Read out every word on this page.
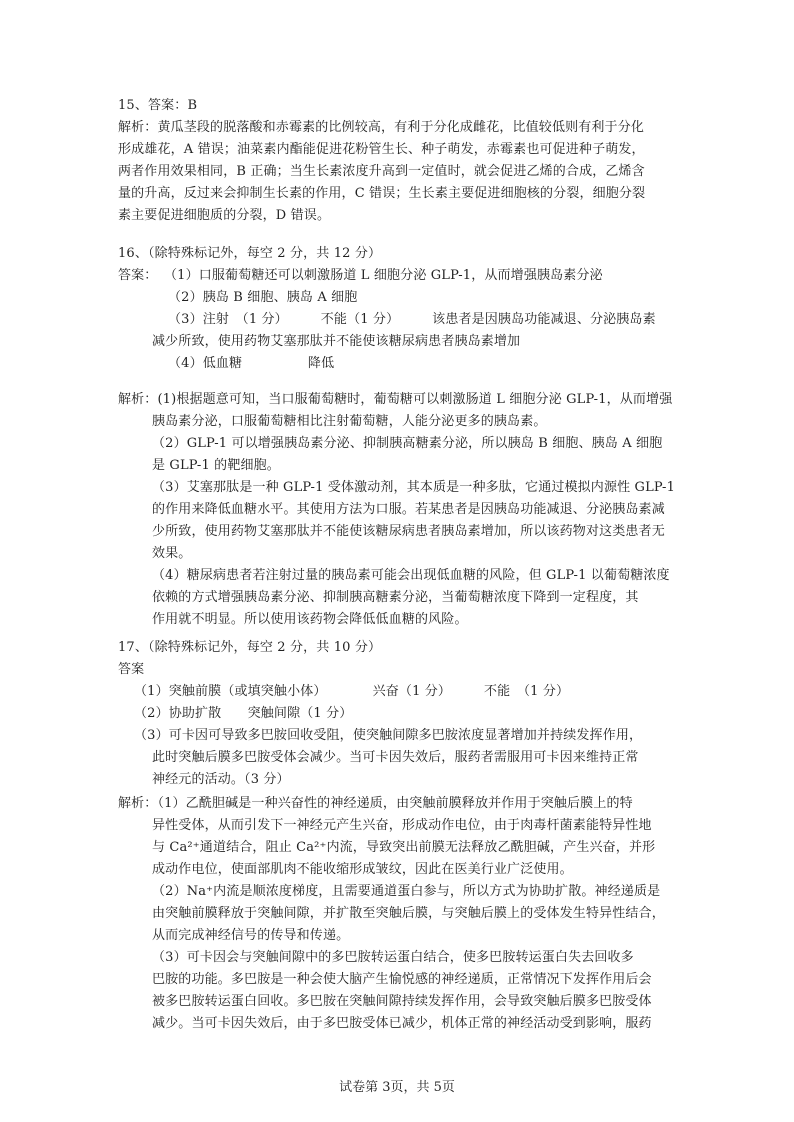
15、答案：B
解析：黄瓜茎段的脱落酸和赤霉素的比例较高，有利于分化成雌花，比值较低则有利于分化
形成雄花，A 错误；油菜素内酯能促进花粉管生长、种子萌发，赤霉素也可促进种子萌发，
两者作用效果相同，B 正确；当生长素浓度升高到一定值时，就会促进乙烯的合成，乙烯含
量的升高，反过来会抑制生长素的作用，C 错误；生长素主要促进细胞核的分裂，细胞分裂
素主要促进细胞质的分裂，D 错误。
16、（除特殊标记外，每空 2 分，共 12 分）
答案： （1）口服葡萄糖还可以刺激肠道 L 细胞分泌 GLP-1，从而增强胰岛素分泌
（2）胰岛 B 细胞、胰岛 A 细胞
（3）注射　（1 分）　　　不能（1 分）　　　该患者是因胰岛功能减退、分泌胰岛素
减少所致，使用药物艾塞那肽并不能使该糖尿病患者胰岛素增加
（4）低血糖　　　　　降低
解析：(1)根据题意可知，当口服葡萄糖时，葡萄糖可以刺激肠道 L 细胞分泌 GLP-1，从而增强
胰岛素分泌，口服葡萄糖相比注射葡萄糖，人能分泌更多的胰岛素。
（2）GLP-1 可以增强胰岛素分泌、抑制胰高糖素分泌，所以胰岛 B 细胞、胰岛 A 细胞
是 GLP-1 的靶细胞。
（3）艾塞那肽是一种 GLP-1 受体激动剂，其本质是一种多肽，它通过模拟内源性 GLP-1
的作用来降低血糖水平。其使用方法为口服。若某患者是因胰岛功能减退、分泌胰岛素减
少所致，使用药物艾塞那肽并不能使该糖尿病患者胰岛素增加，所以该药物对这类患者无
效果。
（4）糖尿病患者若注射过量的胰岛素可能会出现低血糖的风险，但 GLP-1 以葡萄糖浓度
依赖的方式增强胰岛素分泌、抑制胰高糖素分泌，当葡萄糖浓度下降到一定程度，其
作用就不明显。所以使用该药物会降低低血糖的风险。
17、（除特殊标记外，每空 2 分，共 10 分）
答案
（1）突触前膜（或填突触小体）　　　　兴奋（1 分）　　　不能　（1 分）
（2）协助扩散　　突触间隙（1 分）
（3）可卡因可导致多巴胺回收受阻，使突触间隙多巴胺浓度显著增加并持续发挥作用，
此时突触后膜多巴胺受体会减少。当可卡因失效后，服药者需服用可卡因来维持正常
神经元的活动。（3 分）
解析：（1）乙酰胆碱是一种兴奋性的神经递质，由突触前膜释放并作用于突触后膜上的特
异性受体，从而引发下一神经元产生兴奋，形成动作电位，由于肉毒杆菌素能特异性地
与 Ca²⁺通道结合，阻止 Ca²⁺内流，导致突出前膜无法释放乙酰胆碱，产生兴奋，并形
成动作电位，使面部肌肉不能收缩形成皱纹，因此在医美行业广泛使用。
（2）Na⁺内流是顺浓度梯度，且需要通道蛋白参与，所以方式为协助扩散。神经递质是
由突触前膜释放于突触间隙，并扩散至突触后膜，与突触后膜上的受体发生特异性结合，
从而完成神经信号的传导和传递。
（3）可卡因会与突触间隙中的多巴胺转运蛋白结合，使多巴胺转运蛋白失去回收多
巴胺的功能。多巴胺是一种会使大脑产生愉悦感的神经递质，正常情况下发挥作用后会
被多巴胺转运蛋白回收。多巴胺在突触间隙持续发挥作用，会导致突触后膜多巴胺受体
减少。当可卡因失效后，由于多巴胺受体已减少，机体正常的神经活动受到影响，服药
试卷第 3页，共 5页
